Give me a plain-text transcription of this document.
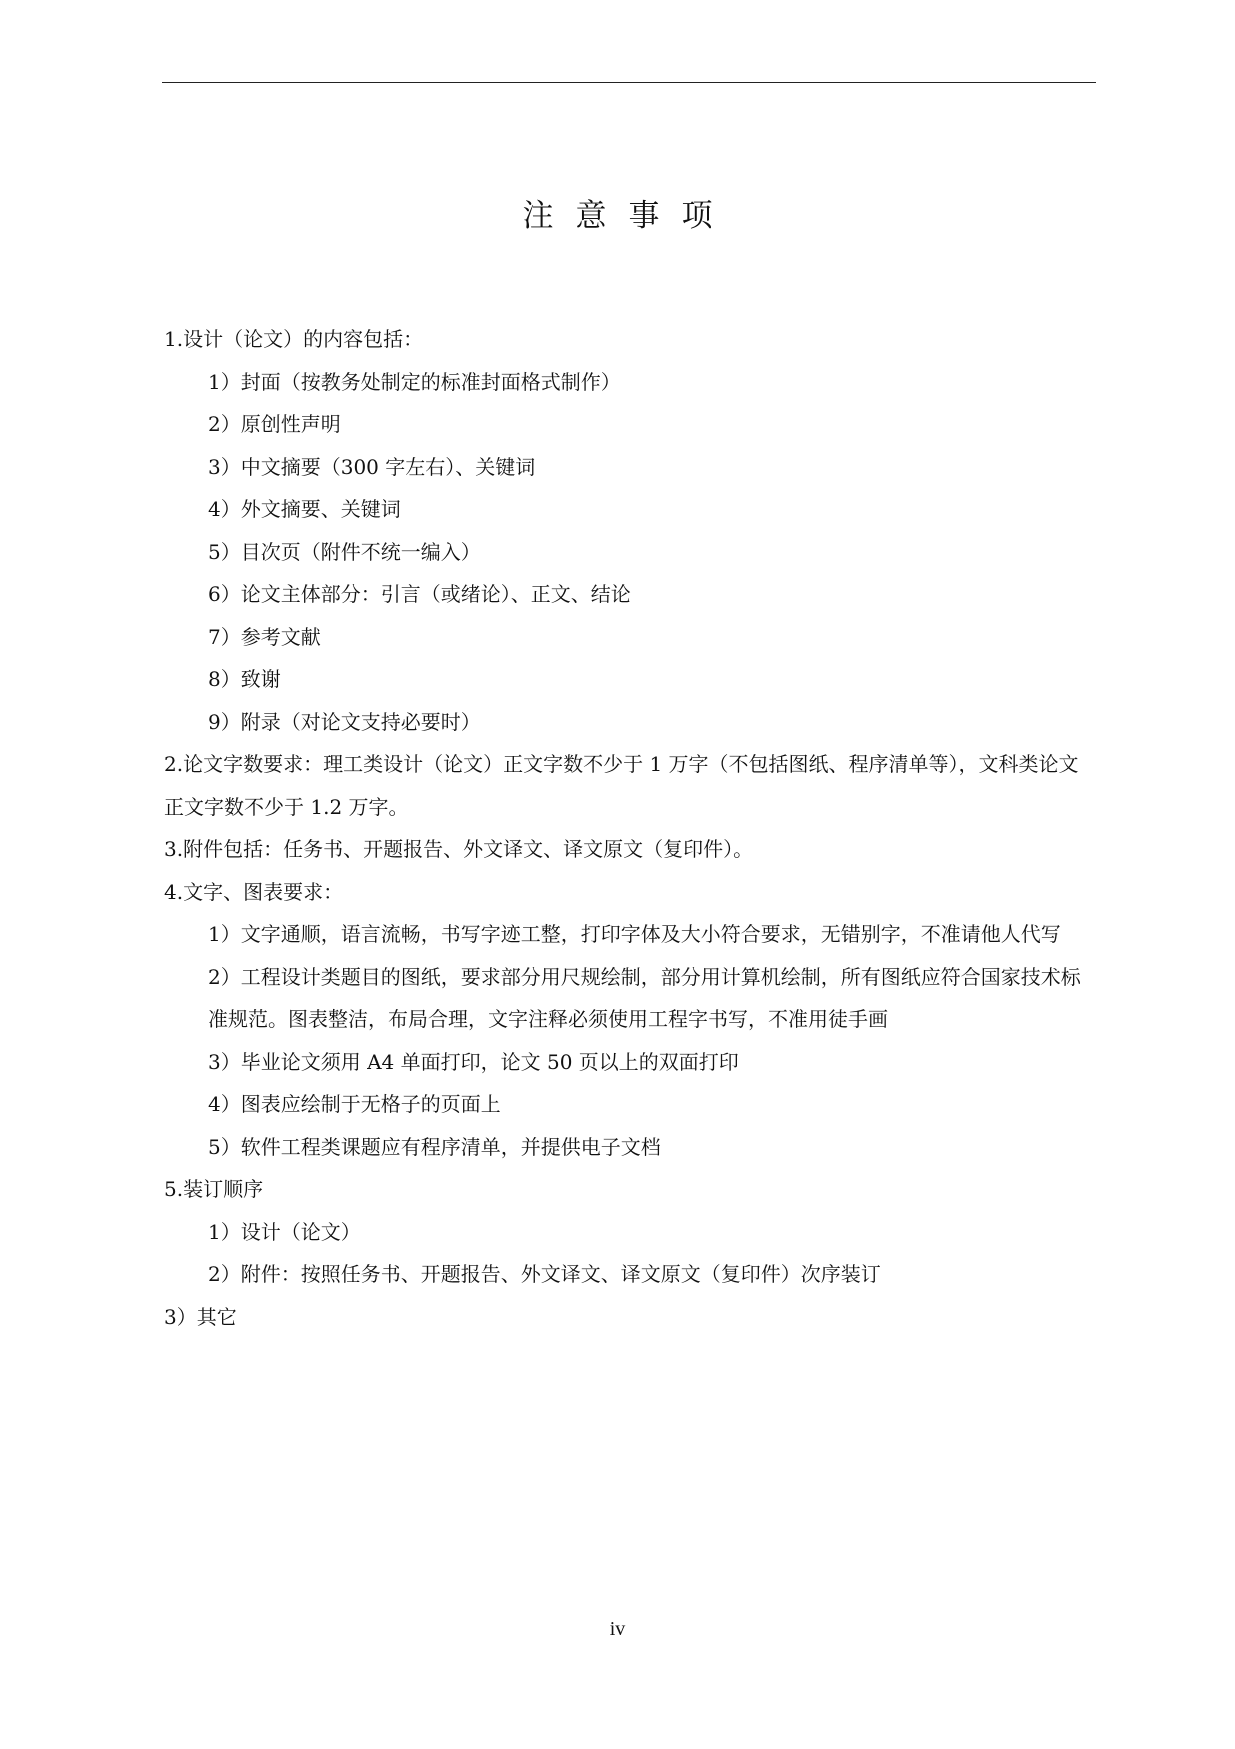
注意事项

1.设计（论文）的内容包括：

1）封面（按教务处制定的标准封面格式制作）

2）原创性声明

3）中文摘要（300 字左右）、关键词

4）外文摘要、关键词

5）目次页（附件不统一编入）

6）论文主体部分：引言（或绪论）、正文、结论

7）参考文献

8）致谢

9）附录（对论文支持必要时）

2.论文字数要求：理工类设计（论文）正文字数不少于 1 万字（不包括图纸、程序清单等），文科类论文正文字数不少于 1.2 万字。

3.附件包括：任务书、开题报告、外文译文、译文原文（复印件）。

4.文字、图表要求：

1）文字通顺，语言流畅，书写字迹工整，打印字体及大小符合要求，无错别字，不准请他人代写

2）工程设计类题目的图纸，要求部分用尺规绘制，部分用计算机绘制，所有图纸应符合国家技术标准规范。图表整洁，布局合理，文字注释必须使用工程字书写，不准用徒手画

3）毕业论文须用 A4 单面打印，论文 50 页以上的双面打印

4）图表应绘制于无格子的页面上

5）软件工程类课题应有程序清单，并提供电子文档

5.装订顺序

1）设计（论文）

2）附件：按照任务书、开题报告、外文译文、译文原文（复印件）次序装订

3）其它

iv
